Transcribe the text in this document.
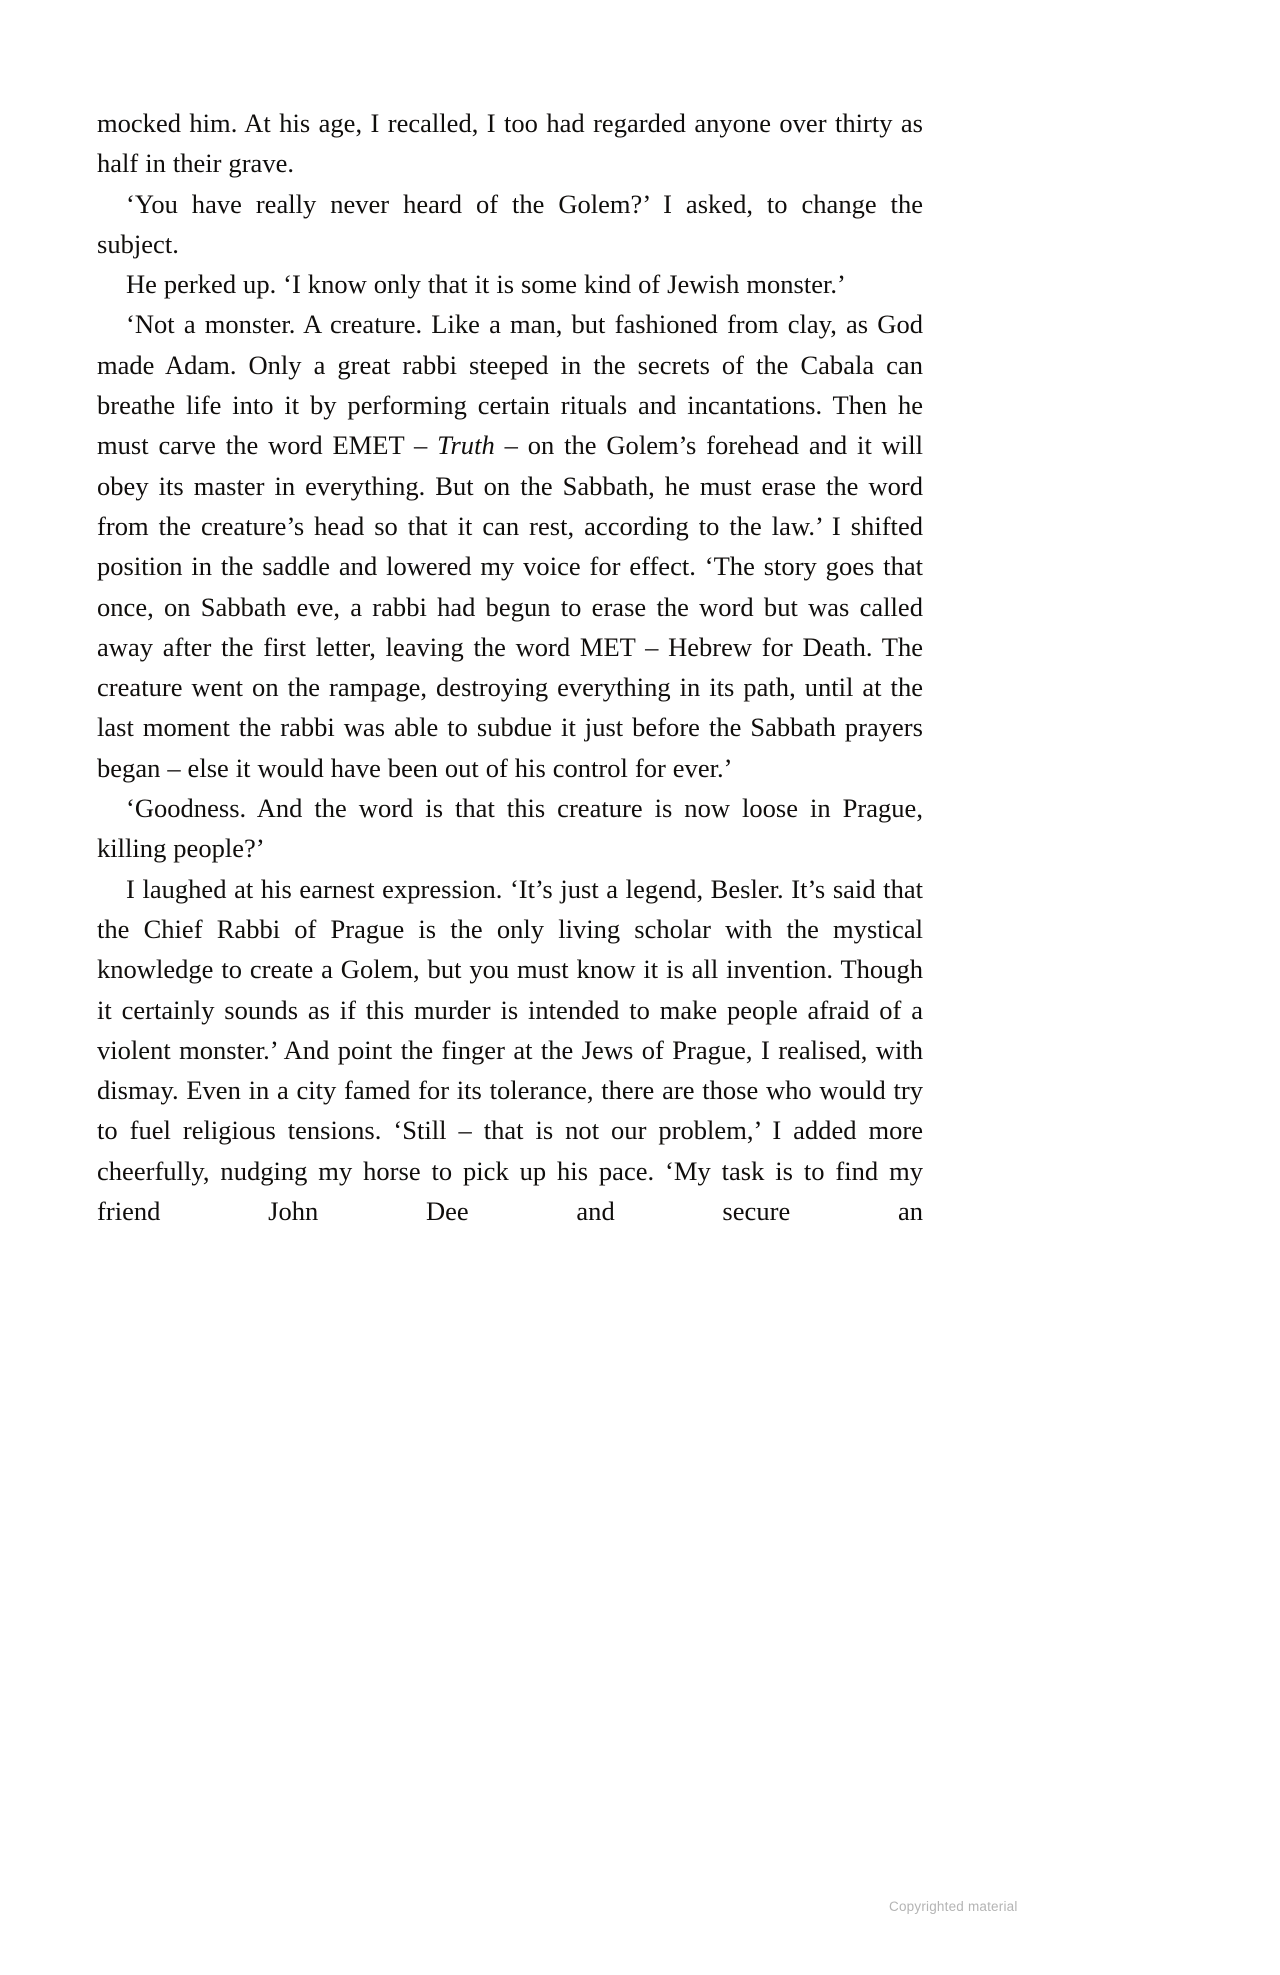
mocked him. At his age, I recalled, I too had regarded anyone over thirty as half in their grave.

‘You have really never heard of the Golem?’ I asked, to change the subject.

He perked up. ‘I know only that it is some kind of Jewish monster.’

‘Not a monster. A creature. Like a man, but fashioned from clay, as God made Adam. Only a great rabbi steeped in the secrets of the Cabala can breathe life into it by performing certain rituals and incantations. Then he must carve the word EMET – Truth – on the Golem’s forehead and it will obey its master in everything. But on the Sabbath, he must erase the word from the creature’s head so that it can rest, according to the law.’ I shifted position in the saddle and lowered my voice for effect. ‘The story goes that once, on Sabbath eve, a rabbi had begun to erase the word but was called away after the first letter, leaving the word MET – Hebrew for Death. The creature went on the rampage, destroying everything in its path, until at the last moment the rabbi was able to subdue it just before the Sabbath prayers began – else it would have been out of his control for ever.’

‘Goodness. And the word is that this creature is now loose in Prague, killing people?’

I laughed at his earnest expression. ‘It’s just a legend, Besler. It’s said that the Chief Rabbi of Prague is the only living scholar with the mystical knowledge to create a Golem, but you must know it is all invention. Though it certainly sounds as if this murder is intended to make people afraid of a violent monster.’ And point the finger at the Jews of Prague, I realised, with dismay. Even in a city famed for its tolerance, there are those who would try to fuel religious tensions. ‘Still – that is not our problem,’ I added more cheerfully, nudging my horse to pick up his pace. ‘My task is to find my friend John Dee and secure an

Copyrighted material
